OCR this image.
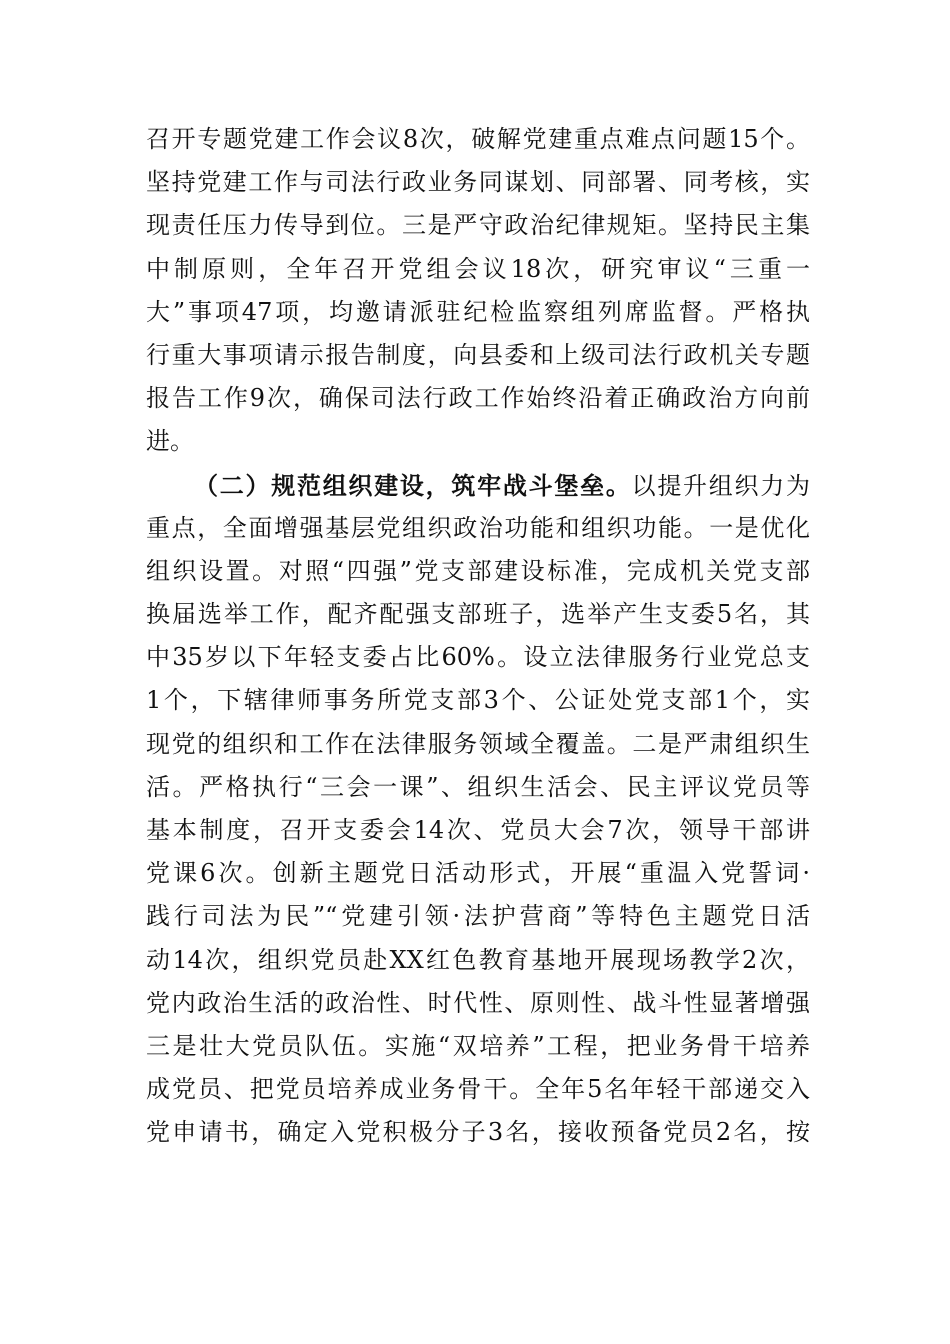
召开专题党建工作会议8次，破解党建重点难点问题15个。
坚持党建工作与司法行政业务同谋划、同部署、同考核，实
现责任压力传导到位。三是严守政治纪律规矩。坚持民主集
中制原则，全年召开党组会议18次，研究审议“三重一
大”事项47项，均邀请派驻纪检监察组列席监督。严格执
行重大事项请示报告制度，向县委和上级司法行政机关专题
报告工作9次，确保司法行政工作始终沿着正确政治方向前
进。
（二）规范组织建设，筑牢战斗堡垒。以提升组织力为
重点，全面增强基层党组织政治功能和组织功能。一是优化
组织设置。对照“四强”党支部建设标准，完成机关党支部
换届选举工作，配齐配强支部班子，选举产生支委5名，其
中35岁以下年轻支委占比60%。设立法律服务行业党总支
1个，下辖律师事务所党支部3个、公证处党支部1个，实
现党的组织和工作在法律服务领域全覆盖。二是严肃组织生
活。严格执行“三会一课”、组织生活会、民主评议党员等
基本制度，召开支委会14次、党员大会7次，领导干部讲
党课6次。创新主题党日活动形式，开展“重温入党誓词·
践行司法为民”“党建引领·法护营商”等特色主题党日活
动14次，组织党员赴XX红色教育基地开展现场教学2次，
党内政治生活的政治性、时代性、原则性、战斗性显著增强
三是壮大党员队伍。实施“双培养”工程，把业务骨干培养
成党员、把党员培养成业务骨干。全年5名年轻干部递交入
党申请书，确定入党积极分子3名，接收预备党员2名，按
